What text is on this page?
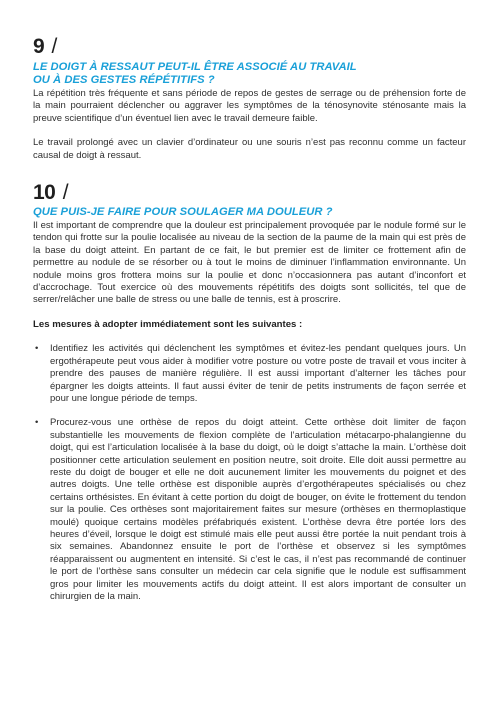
9 /
LE DOIGT À RESSAUT PEUT-IL ÊTRE ASSOCIÉ AU TRAVAIL
OU À DES GESTES RÉPÉTITIFS ?

La répétition très fréquente et sans période de repos de gestes de serrage ou de préhension forte de la main pourraient déclencher ou aggraver les symptômes de la ténosynovite sténosante mais la preuve scientifique d’un éventuel lien avec le travail demeure faible.

Le travail prolongé avec un clavier d’ordinateur ou une souris n’est pas reconnu comme un facteur causal de doigt à ressaut.

10 /
QUE PUIS-JE FAIRE POUR SOULAGER MA DOULEUR ?

Il est important de comprendre que la douleur est principalement provoquée par le nodule formé sur le tendon qui frotte sur la poulie localisée au niveau de la section de la paume de la main qui est près de la base du doigt atteint. En partant de ce fait, le but premier est de limiter ce frottement afin de permettre au nodule de se résorber ou à tout le moins de diminuer l’inflammation environnante. Un nodule moins gros frottera moins sur la poulie et donc n’occasionnera pas autant d’inconfort et d’accrochage. Tout exercice où des mouvements répétitifs des doigts sont sollicités, tel que de serrer/relâcher une balle de stress ou une balle de tennis, est à proscrire.

Les mesures à adopter immédiatement sont les suivantes :
• Identifiez les activités qui déclenchent les symptômes et évitez-les pendant quelques jours. Un ergothérapeute peut vous aider à modifier votre posture ou votre poste de travail et vous inciter à prendre des pauses de manière régulière. Il est aussi important d’alterner les tâches pour épargner les doigts atteints. Il faut aussi éviter de tenir de petits instruments de façon serrée et pour une longue période de temps.

• Procurez-vous une orthèse de repos du doigt atteint. Cette orthèse doit limiter de façon substantielle les mouvements de flexion complète de l’articulation métacarpo-phalangienne du doigt, qui est l’articulation localisée à la base du doigt, où le doigt s’attache la main. L’orthèse doit positionner cette articulation seulement en position neutre, soit droite. Elle doit aussi permettre au reste du doigt de bouger et elle ne doit aucunement limiter les mouvements du poignet et des autres doigts. Une telle orthèse est disponible auprès d’ergothérapeutes spécialisés ou chez certains orthésistes. En évitant à cette portion du doigt de bouger, on évite le frottement du tendon sur la poulie. Ces orthèses sont majoritairement faites sur mesure (orthèses en thermoplastique moulé) quoique certains modèles préfabriqués existent. L’orthèse devra être portée lors des heures d’éveil, lorsque le doigt est stimulé mais elle peut aussi être portée la nuit pendant trois à six semaines. Abandonnez ensuite le port de l’orthèse et observez si les symptômes réapparaissent ou augmentent en intensité. Si c’est le cas, il n’est pas recommandé de continuer le port de l’orthèse sans consulter un médecin car cela signifie que le nodule est suffisamment gros pour limiter les mouvements actifs du doigt atteint. Il est alors important de consulter un chirurgien de la main.
